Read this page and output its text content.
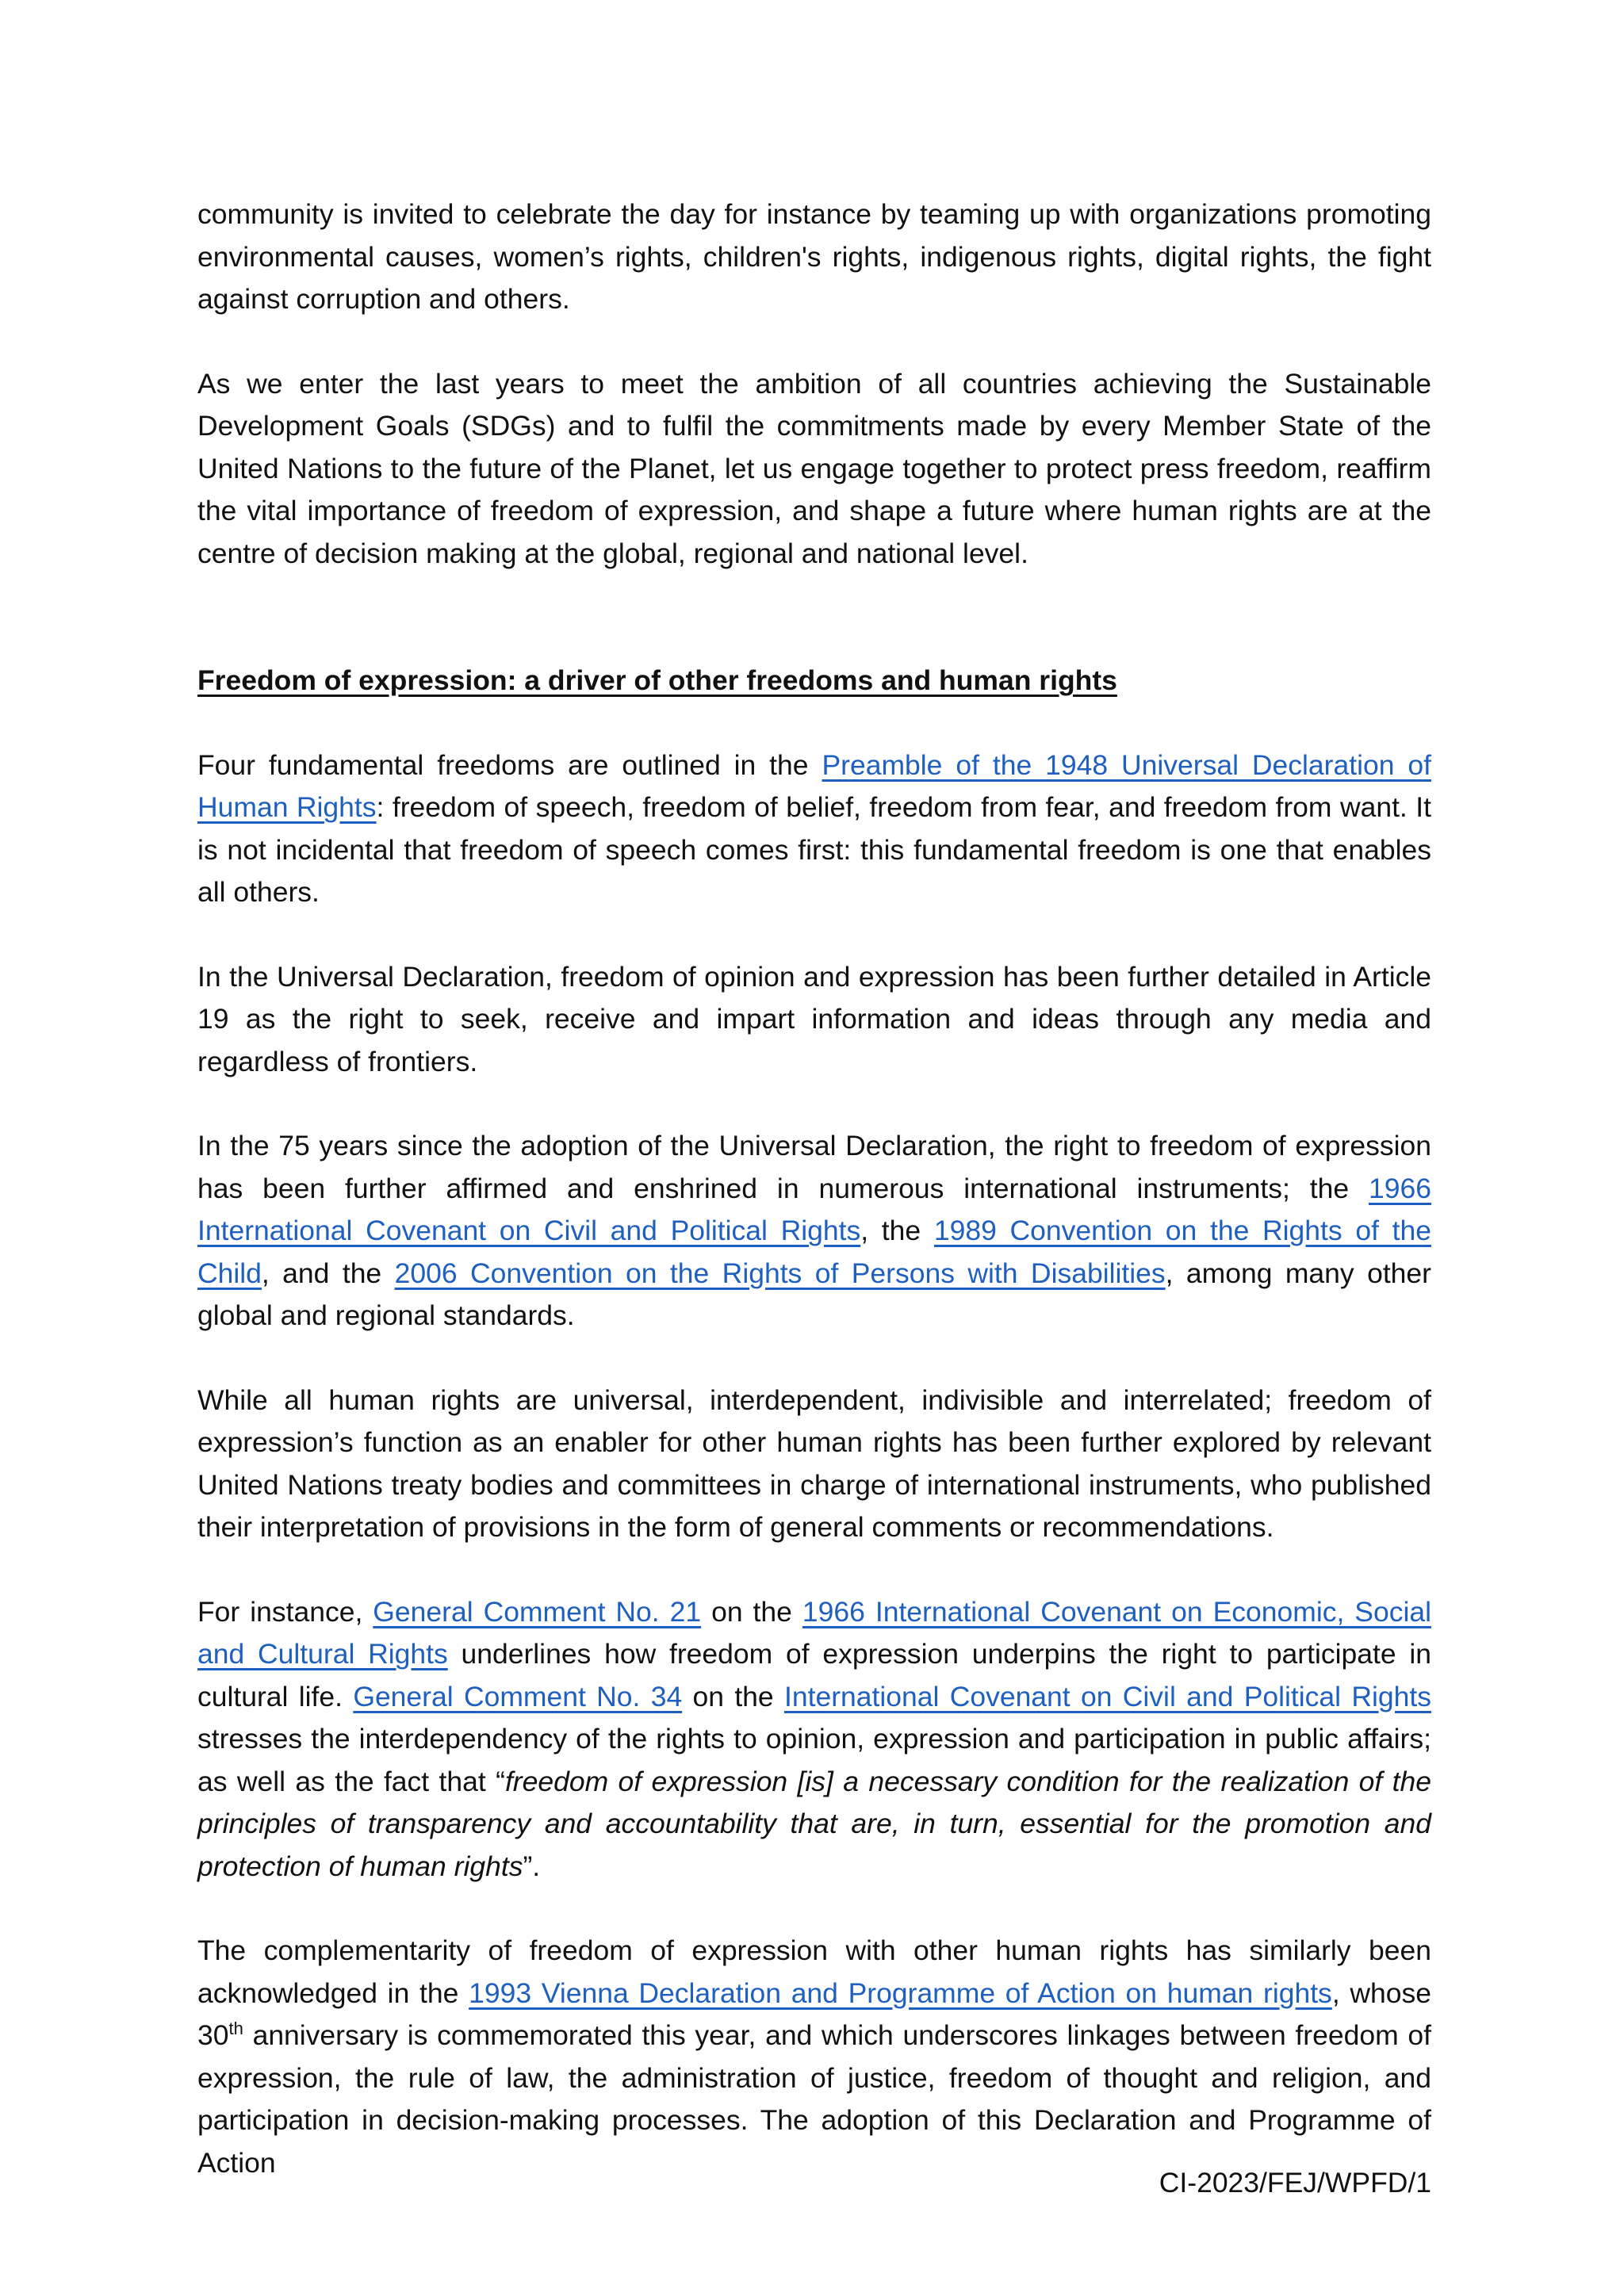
community is invited to celebrate the day for instance by teaming up with organizations promoting environmental causes, women’s rights, children's rights, indigenous rights, digital rights, the fight against corruption and others.

As we enter the last years to meet the ambition of all countries achieving the Sustainable Development Goals (SDGs) and to fulfil the commitments made by every Member State of the United Nations to the future of the Planet, let us engage together to protect press freedom, reaffirm the vital importance of freedom of expression, and shape a future where human rights are at the centre of decision making at the global, regional and national level.

Freedom of expression: a driver of other freedoms and human rights

Four fundamental freedoms are outlined in the Preamble of the 1948 Universal Declaration of Human Rights: freedom of speech, freedom of belief, freedom from fear, and freedom from want. It is not incidental that freedom of speech comes first: this fundamental freedom is one that enables all others.

In the Universal Declaration, freedom of opinion and expression has been further detailed in Article 19 as the right to seek, receive and impart information and ideas through any media and regardless of frontiers.

In the 75 years since the adoption of the Universal Declaration, the right to freedom of expression has been further affirmed and enshrined in numerous international instruments; the 1966 International Covenant on Civil and Political Rights, the 1989 Convention on the Rights of the Child, and the 2006 Convention on the Rights of Persons with Disabilities, among many other global and regional standards.

While all human rights are universal, interdependent, indivisible and interrelated; freedom of expression’s function as an enabler for other human rights has been further explored by relevant United Nations treaty bodies and committees in charge of international instruments, who published their interpretation of provisions in the form of general comments or recommendations.

For instance, General Comment No. 21 on the 1966 International Covenant on Economic, Social and Cultural Rights underlines how freedom of expression underpins the right to participate in cultural life. General Comment No. 34 on the International Covenant on Civil and Political Rights stresses the interdependency of the rights to opinion, expression and participation in public affairs; as well as the fact that “freedom of expression [is] a necessary condition for the realization of the principles of transparency and accountability that are, in turn, essential for the promotion and protection of human rights”.

The complementarity of freedom of expression with other human rights has similarly been acknowledged in the 1993 Vienna Declaration and Programme of Action on human rights, whose 30th anniversary is commemorated this year, and which underscores linkages between freedom of expression, the rule of law, the administration of justice, freedom of thought and religion, and participation in decision-making processes. The adoption of this Declaration and Programme of Action

CI-2023/FEJ/WPFD/1
